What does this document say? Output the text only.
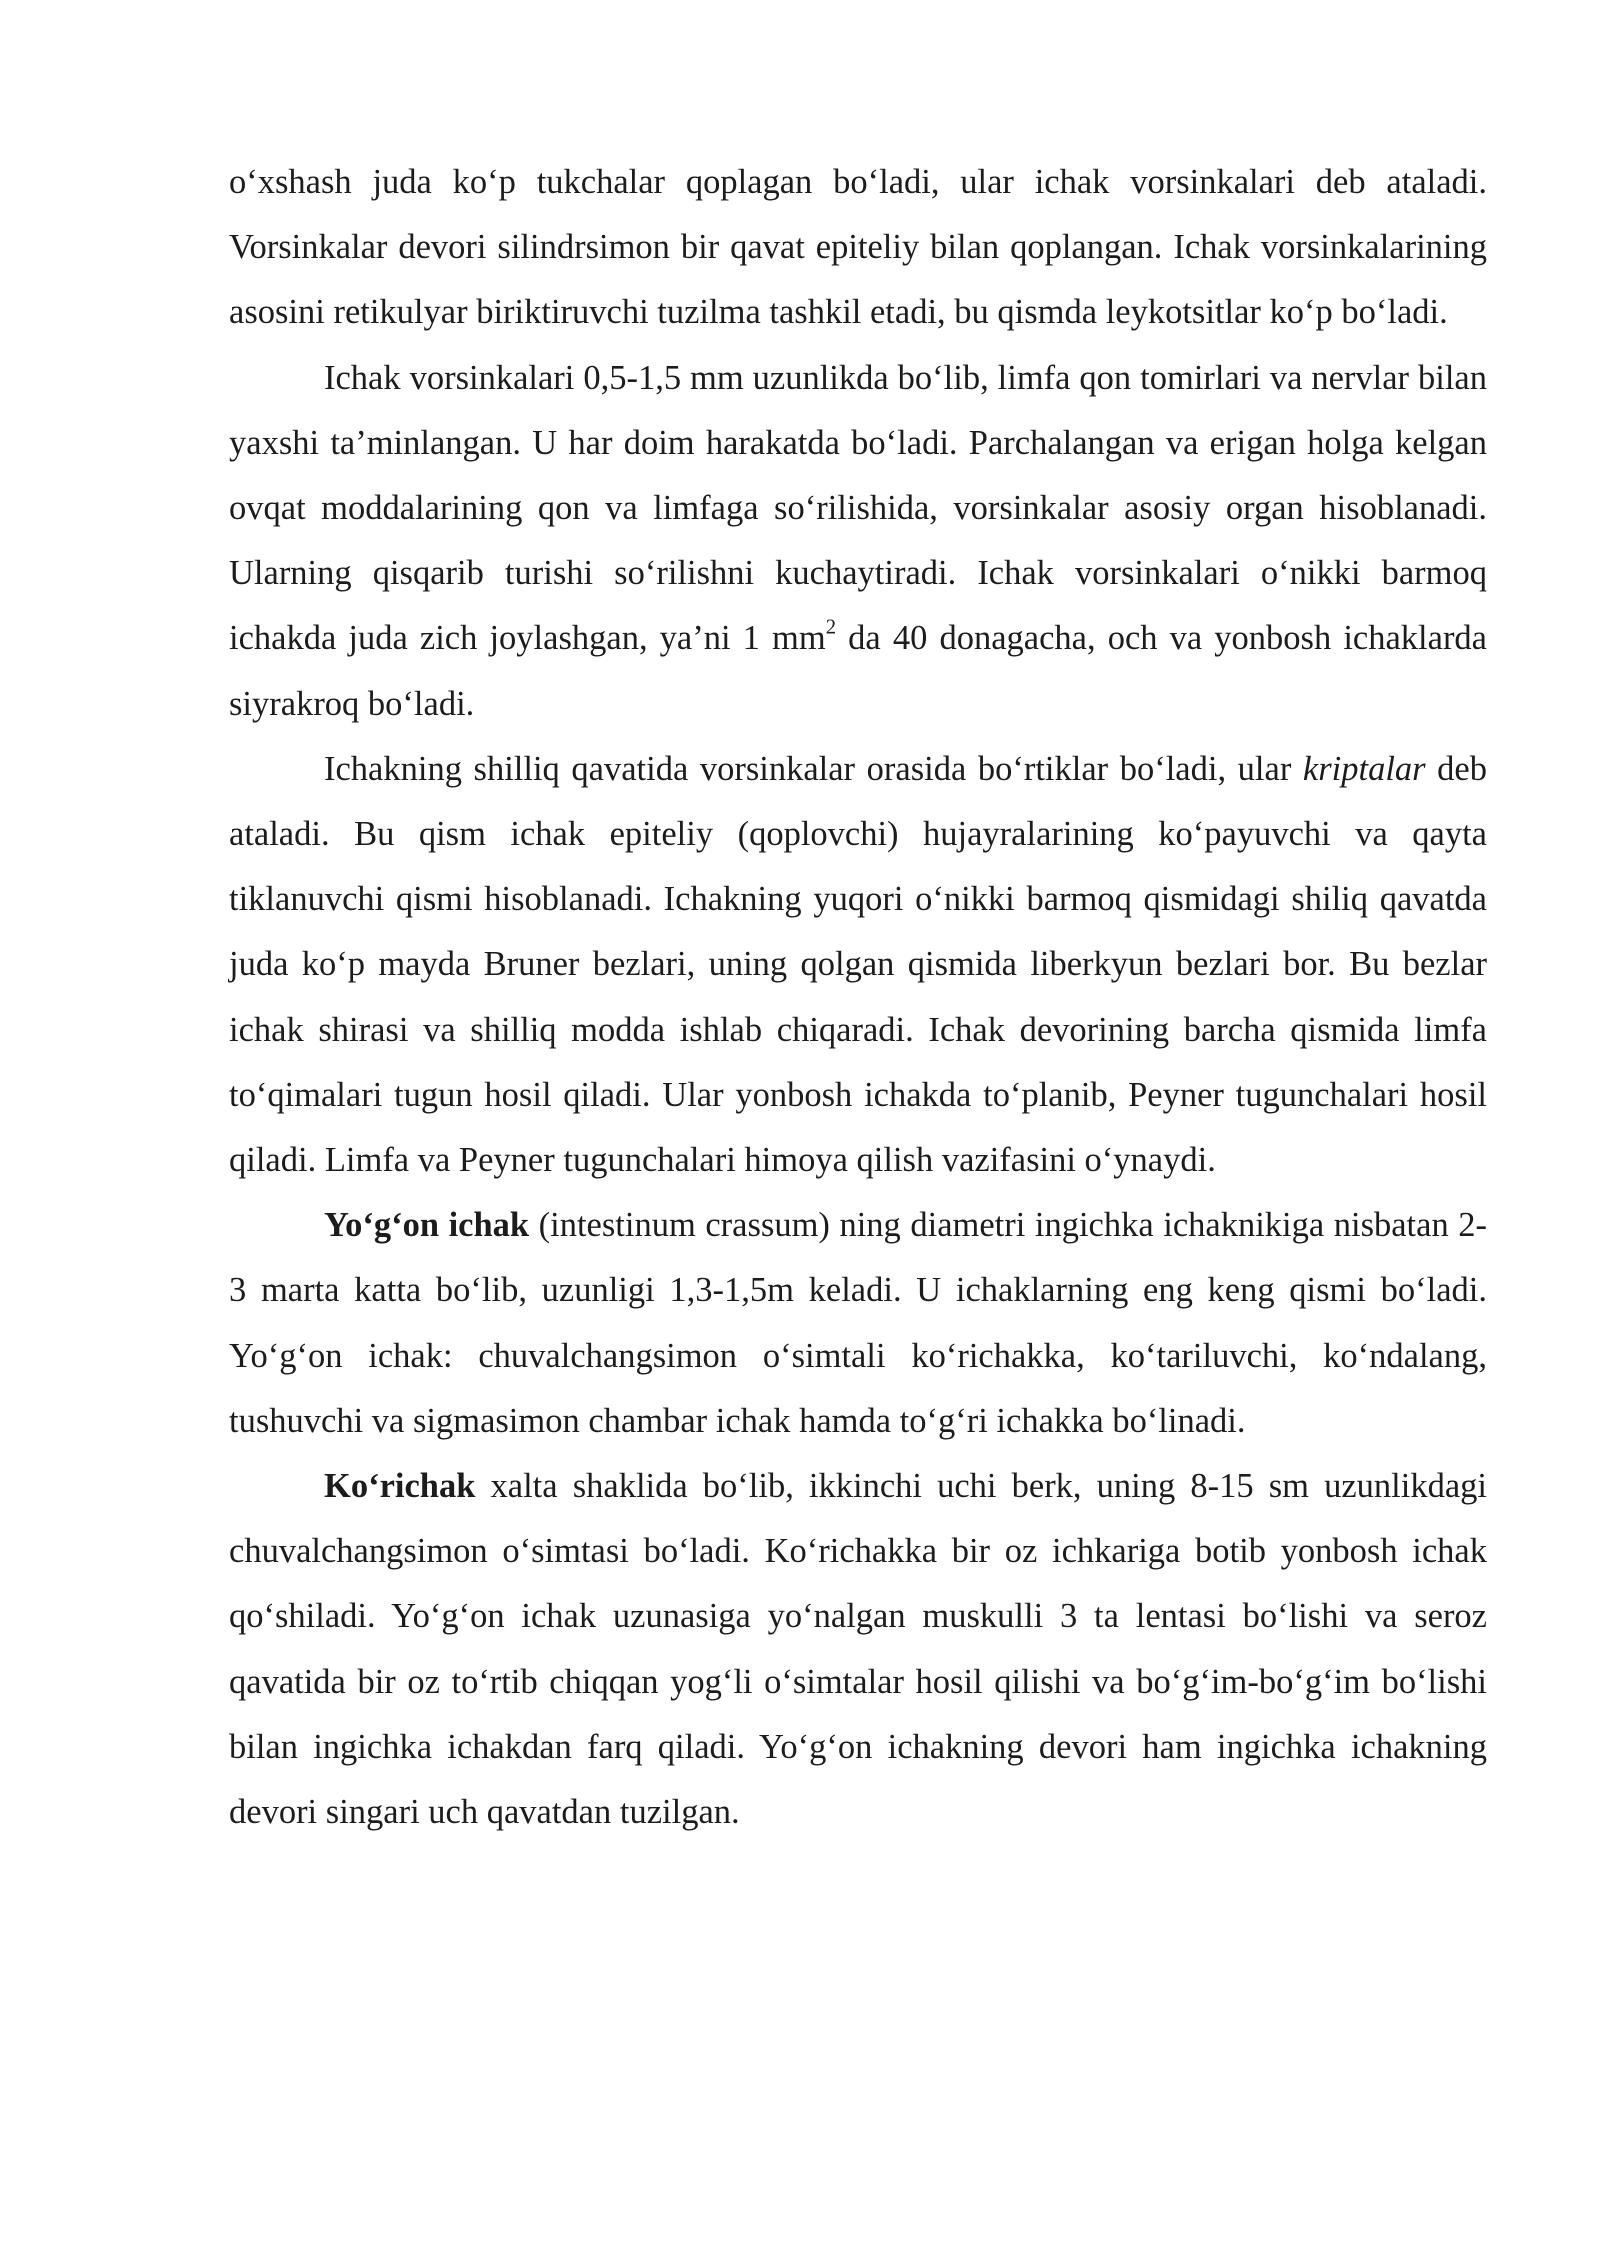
o‘xshash juda ko‘p tukchalar qoplagan bo‘ladi, ular ichak vorsinkalari deb ataladi. Vorsinkalar devori silindrsimon bir qavat epiteliy bilan qoplangan. Ichak vorsinkalarining asosini retikulyar biriktiruvchi tuzilma tashkil etadi, bu qismda leykotsitlar ko‘p bo‘ladi.

Ichak vorsinkalari 0,5-1,5 mm uzunlikda bo‘lib, limfa qon tomirlari va nervlar bilan yaxshi ta’minlangan. U har doim harakatda bo‘ladi. Parchalangan va erigan holga kelgan ovqat moddalarining qon va limfaga so‘rilishida, vorsinkalar asosiy organ hisoblanadi. Ularning qisqarib turishi so‘rilishni kuchaytiradi. Ichak vorsinkalari o‘nikki barmoq ichakda juda zich joylashgan, ya’ni 1 $mm^2$ da 40 donagacha, och va yonbosh ichaklarda siyrakroq bo‘ladi.

Ichakning shilliq qavatida vorsinkalar orasida bo‘rtiklar bo‘ladi, ular kriptalar deb ataladi. Bu qism ichak epiteliy (qoplovchi) hujayralarining ko‘payuvchi va qayta tiklanuvchi qismi hisoblanadi. Ichakning yuqori o‘nikki barmoq qismidagi shiliq qavatda juda ko‘p mayda Bruner bezlari, uning qolgan qismida liberkyun bezlari bor. Bu bezlar ichak shirasi va shilliq modda ishlab chiqaradi. Ichak devorining barcha qismida limfa to‘qimalari tugun hosil qiladi. Ular yonbosh ichakda to‘planib, Peyner tugunchalari hosil qiladi. Limfa va Peyner tugunchalari himoya qilish vazifasini o‘ynaydi.

Yo‘g‘on ichak (intestinum crassum) ning diametri ingichka ichaknikiga nisbatan 2-3 marta katta bo‘lib, uzunligi 1,3-1,5m keladi. U ichaklarning eng keng qismi bo‘ladi. Yo‘g‘on ichak: chuvalchangsimon o‘simtali ko‘richakka, ko‘tariluvchi, ko‘ndalang, tushuvchi va sigmasimon chambar ichak hamda to‘g‘ri ichakka bo‘linadi.

Ko‘richak xalta shaklida bo‘lib, ikkinchi uchi berk, uning 8-15 sm uzunlikdagi chuvalchangsimon o‘simtasi bo‘ladi. Ko‘richakka bir oz ichkariga botib yonbosh ichak qo‘shiladi. Yo‘g‘on ichak uzunasiga yo‘nalgan muskulli 3 ta lentasi bo‘lishi va seroz qavatida bir oz to‘rtib chiqqan yog‘li o‘simtalar hosil qilishi va bo‘g‘im-bo‘g‘im bo‘lishi bilan ingichka ichakdan farq qiladi. Yo‘g‘on ichakning devori ham ingichka ichakning devori singari uch qavatdan tuzilgan.
